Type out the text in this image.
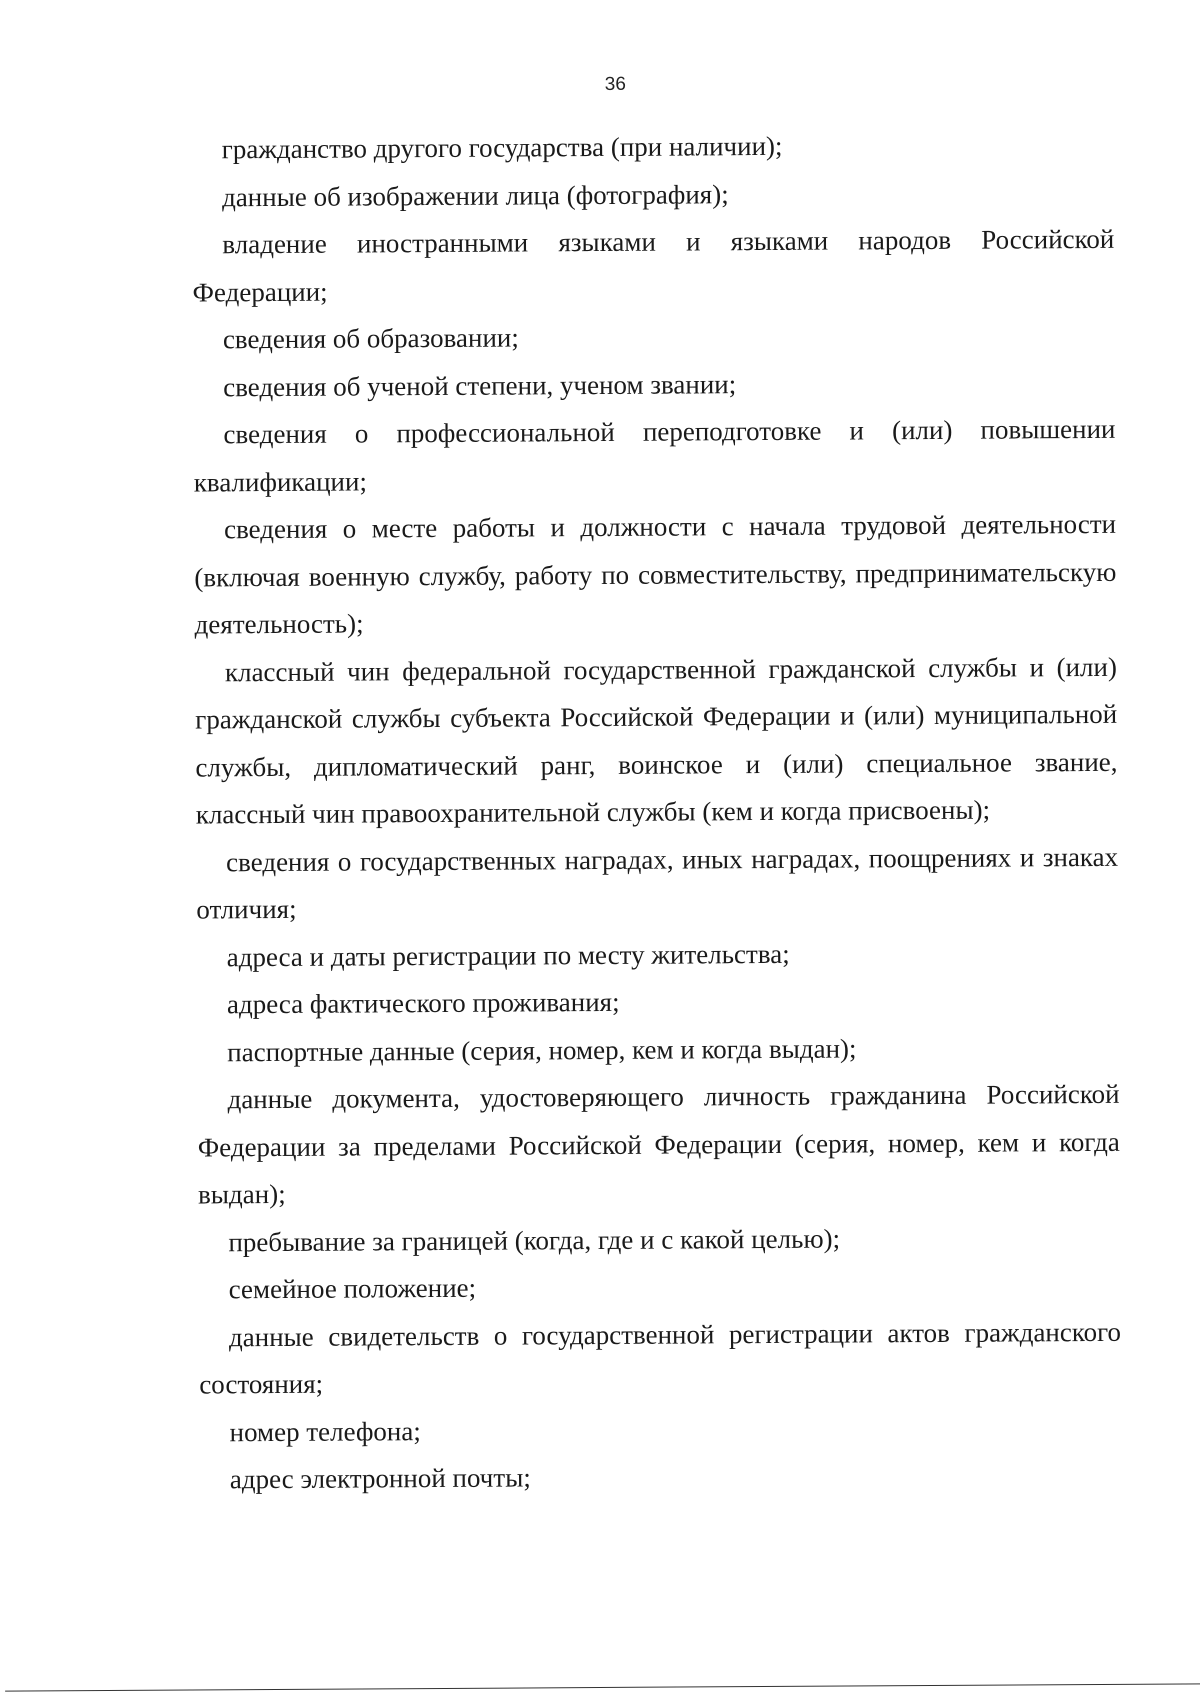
36

гражданство другого государства (при наличии);

данные об изображении лица (фотография);

владение иностранными языками и языками народов Российской Федерации;

сведения об образовании;

сведения об ученой степени, ученом звании;

сведения о профессиональной переподготовке и (или) повышении квалификации;

сведения о месте работы и должности с начала трудовой деятельности (включая военную службу, работу по совместительству, предпринимательскую деятельность);

классный чин федеральной государственной гражданской службы и (или) гражданской службы субъекта Российской Федерации и (или) муниципальной службы, дипломатический ранг, воинское и (или) специальное звание, классный чин правоохранительной службы (кем и когда присвоены);

сведения о государственных наградах, иных наградах, поощрениях и знаках отличия;

адреса и даты регистрации по месту жительства;

адреса фактического проживания;

паспортные данные (серия, номер, кем и когда выдан);

данные документа, удостоверяющего личность гражданина Российской Федерации за пределами Российской Федерации (серия, номер, кем и когда выдан);

пребывание за границей (когда, где и с какой целью);

семейное положение;

данные свидетельств о государственной регистрации актов гражданского состояния;

номер телефона;

адрес электронной почты;
